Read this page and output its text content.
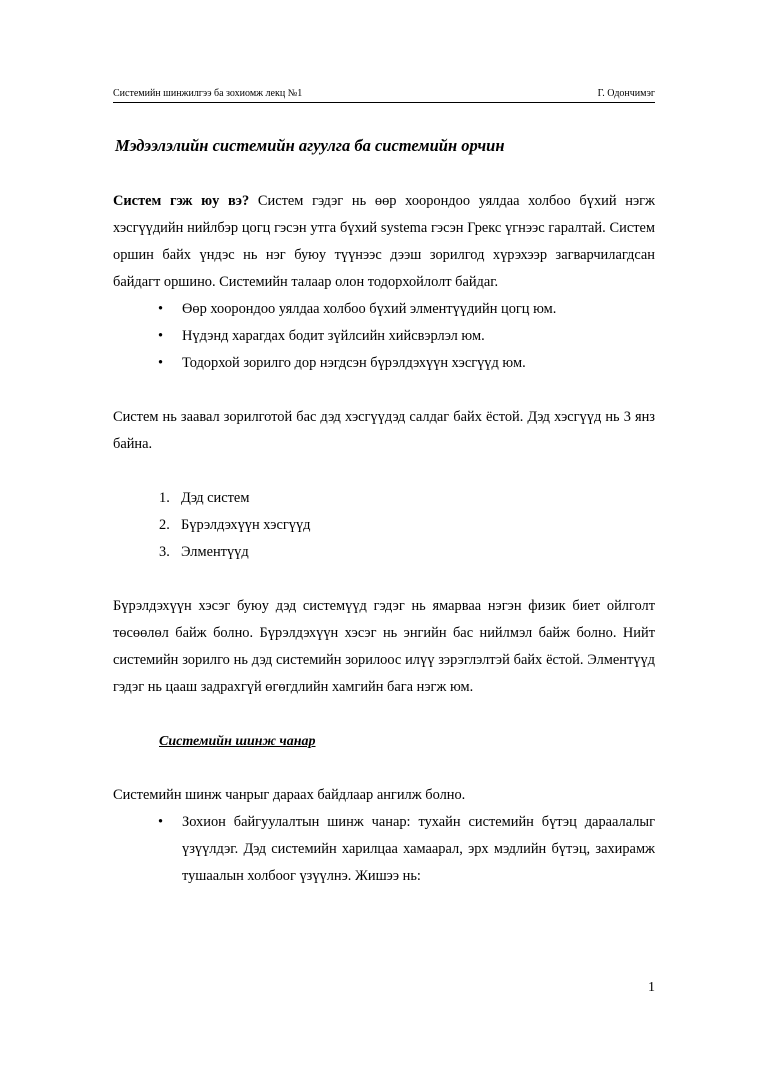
Системийн шинжилгээ ба зохиомж лекц №1	Г. Одончимэг
Мэдээлэлийн системийн агуулга ба системийн орчин

Систем гэж юу вэ? Систем гэдэг нь өөр хоорондоо уялдаа холбоо бүхий нэгж хэсгүүдийн нийлбэр цогц гэсэн утга бүхий systema гэсэн Грекс үгнээс гаралтай. Систем оршин байх үндэс нь нэг буюу түүнээс дээш зорилгод хүрэхээр загварчилагдсан байдагт оршино. Системийн талаар олон тодорхойлолт байдаг.

• Өөр хоорондоо уялдаа холбоо бүхий элментүүдийн цогц юм.
• Нүдэнд харагдах бодит зүйлсийн хийсвэрлэл юм.
• Тодорхой зорилго дор нэгдсэн бүрэлдэхүүн хэсгүүд юм.

Систем нь заавал зорилготой бас дэд хэсгүүдэд салдаг байх ёстой. Дэд хэсгүүд нь 3 янз байна.

1. Дэд систем
2. Бүрэлдэхүүн хэсгүүд
3. Элментүүд

Бүрэлдэхүүн хэсэг буюу дэд системүүд гэдэг нь ямарваа нэгэн физик биет ойлголт төсөөлөл байж болно. Бүрэлдэхүүн хэсэг нь энгийн бас нийлмэл байж болно. Нийт системийн зорилго нь дэд системийн зорилоос илүү зэрэглэлтэй байх ёстой. Элментүүд гэдэг нь цааш задрахгүй өгөгдлийн хамгийн бага нэгж юм.

Системийн шинж чанар

Системийн шинж чанрыг дараах байдлаар ангилж болно.

• Зохион байгуулалтын шинж чанар: тухайн системийн бүтэц дараалалыг үзүүлдэг. Дэд системийн харилцаа хамаарал, эрх мэдлийн бүтэц, захирамж тушаалын холбоог үзүүлнэ. Жишээ нь:
1
